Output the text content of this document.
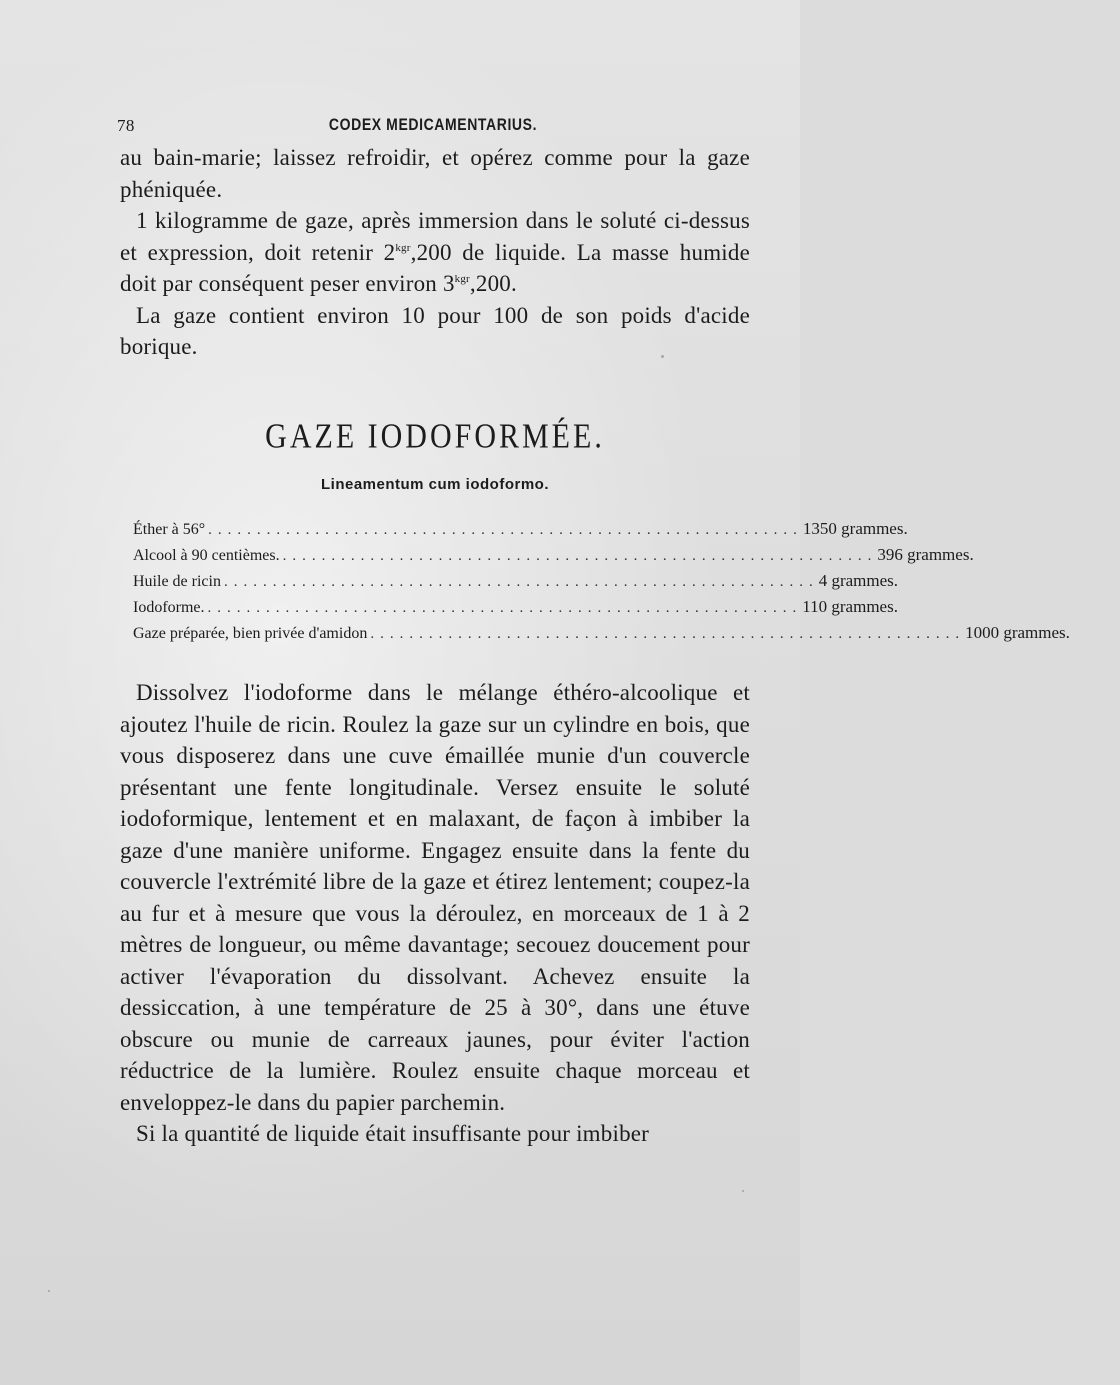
78	CODEX MEDICAMENTARIUS.

au bain-marie; laissez refroidir, et opérez comme pour la gaze phéniquée.

1 kilogramme de gaze, après immersion dans le soluté ci-dessus et expression, doit retenir $2^{kgr},200$ de liquide. La masse humide doit par conséquent peser environ $3^{kgr},200$.

La gaze contient environ 10 pour 100 de son poids d'acide borique.

GAZE IODOFORMÉE.
Lineamentum cum iodoformo.
Éther à 56° ............................................................. 1350 grammes.
Alcool à 90 centièmes. ............................................................. 396 grammes.
Huile de ricin ............................................................. 4 grammes.
Iodoforme. ............................................................. 110 grammes.
Gaze préparée, bien privée d'amidon ............................................................. 1000 grammes.

Dissolvez l'iodoforme dans le mélange éthéro-alcoolique et ajoutez l'huile de ricin. Roulez la gaze sur un cylindre en bois, que vous disposerez dans une cuve émaillée munie d'un couvercle présentant une fente longitudinale. Versez ensuite le soluté iodoformique, lentement et en malaxant, de façon à imbiber la gaze d'une manière uniforme. Engagez ensuite dans la fente du couvercle l'extrémité libre de la gaze et étirez lentement; coupez-la au fur et à mesure que vous la déroulez, en morceaux de 1 à 2 mètres de longueur, ou même davantage; secouez doucement pour activer l'évaporation du dissolvant. Achevez ensuite la dessiccation, à une température de 25 à 30°, dans une étuve obscure ou munie de carreaux jaunes, pour éviter l'action réductrice de la lumière. Roulez ensuite chaque morceau et enveloppez-le dans du papier parchemin.

Si la quantité de liquide était insuffisante pour imbiber
